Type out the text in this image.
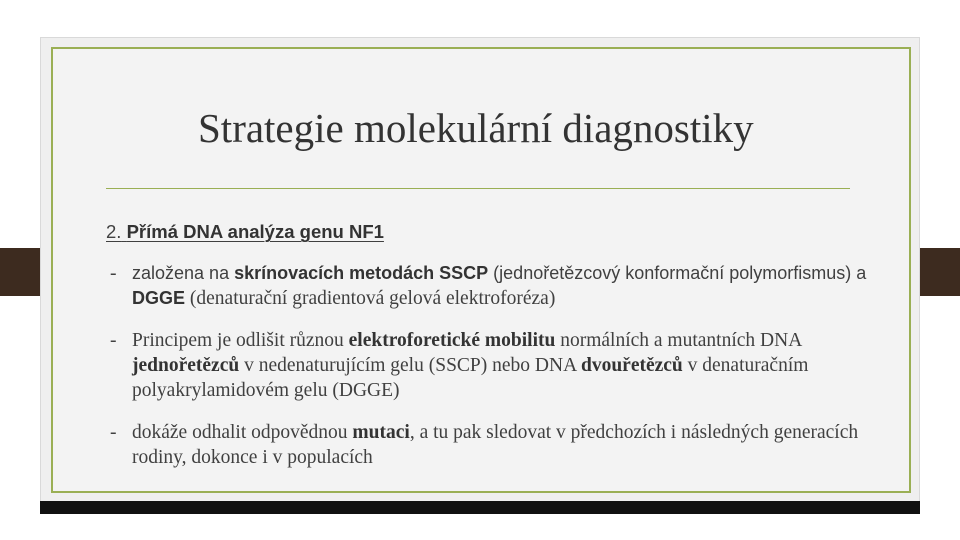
Strategie molekulární diagnostiky
2. Přímá DNA analýza genu NF1
- založena na skrínovacích metodách SSCP (jednořetězcový konformační polymorfismus) a DGGE (denaturační gradientová gelová elektroforéza)
- Principem je odlišit různou elektroforetické mobilitu normálních a mutantních DNA jednořetězců v nedenaturujícím gelu (SSCP) nebo DNA dvouřetězců v denaturačním polyakrylamidovém gelu (DGGE)
- dokáže odhalit odpovědnou mutaci, a tu pak sledovat v předchozích i následných generacích rodiny, dokonce i v populacích
